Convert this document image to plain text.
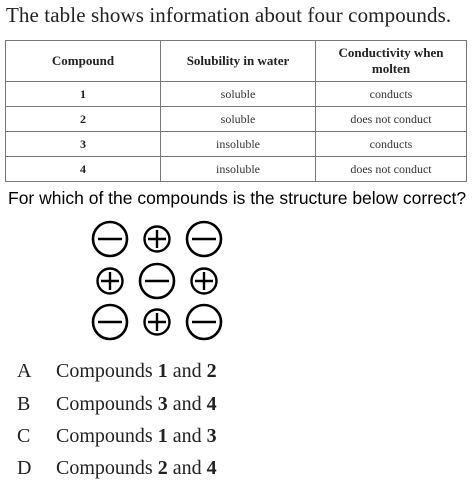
The table shows information about four compounds.
Compound	Solubility in water	Conductivity when molten
1	soluble	conducts
2	soluble	does not conduct
3	insoluble	conducts
4	insoluble	does not conduct
For which of the compounds is the structure below correct?
A	Compounds 1 and 2
B	Compounds 3 and 4
C	Compounds 1 and 3
D	Compounds 2 and 4
